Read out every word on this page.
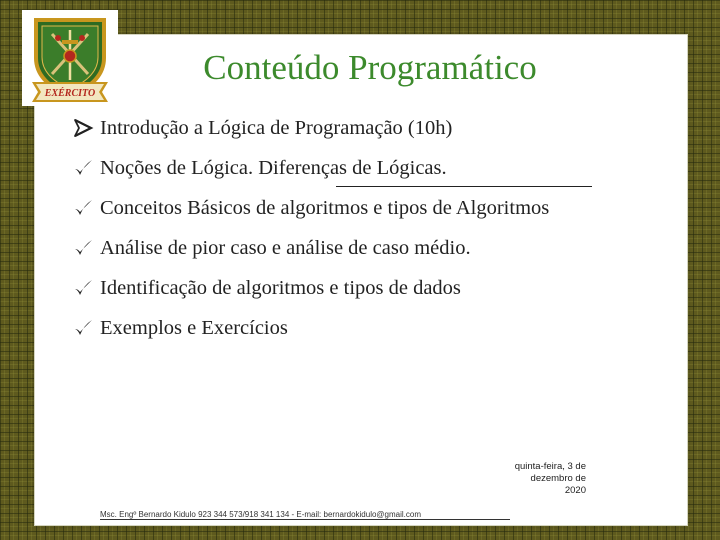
EXÉRCITO
Conteúdo Programático
Introdução a Lógica de Programação (10h)
Noções de Lógica. Diferenças de Lógicas.
Conceitos Básicos de algoritmos e tipos de Algoritmos
Análise de pior caso e análise de caso médio.
Identificação de algoritmos e tipos de dados
Exemplos e Exercícios
quinta-feira, 3 de
dezembro de
2020
Msc. Engº Bernardo Kidulo 923 344 573/918 341 134 - E-mail: bernardokidulo@gmail.com
